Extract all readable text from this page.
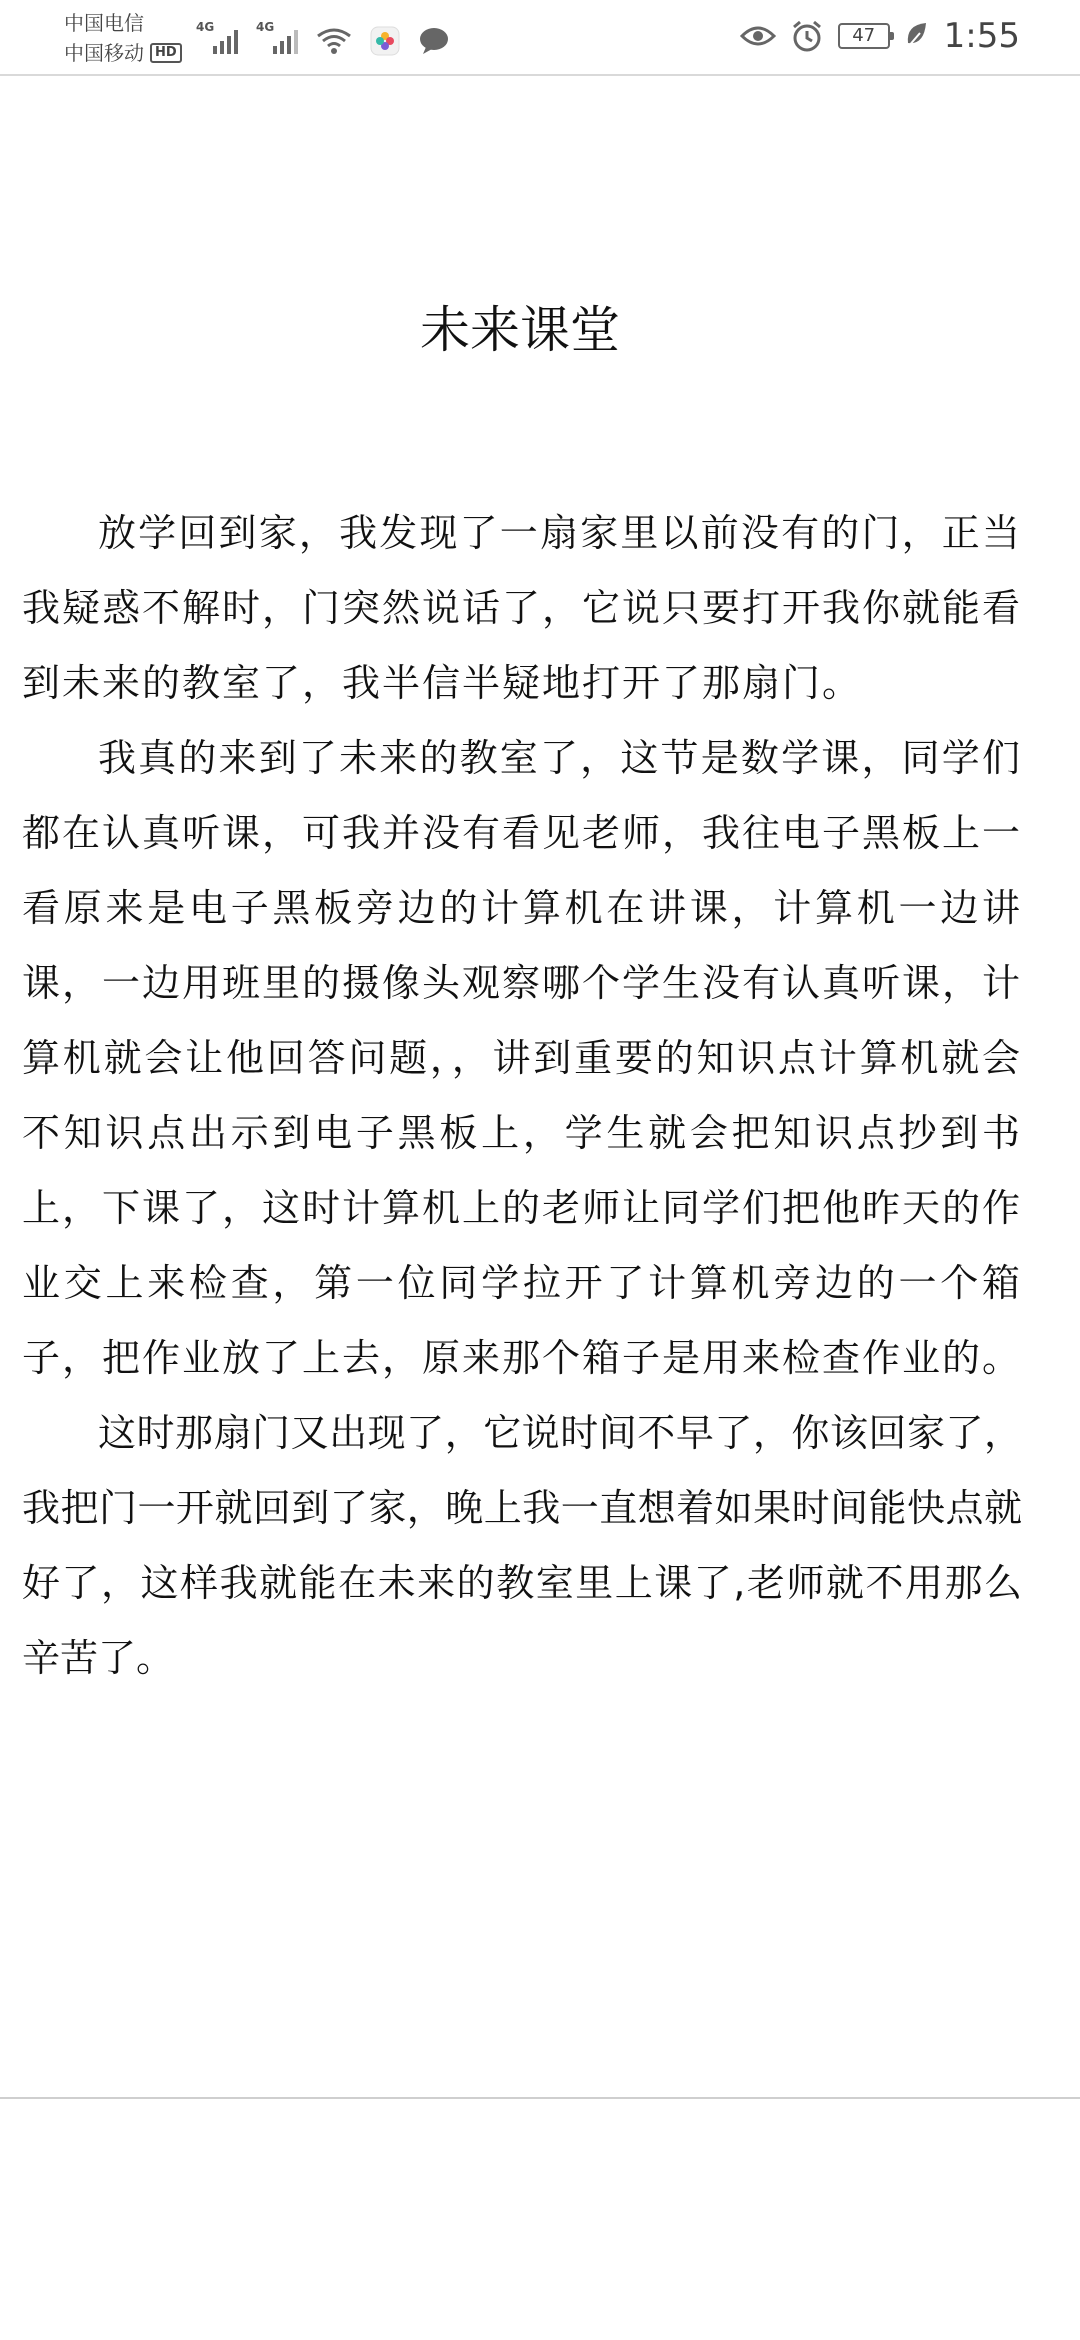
中国电信
中国移动 HD
4G	4G	47	1:55
未来课堂

放学回到家，我发现了一扇家里以前没有的门，正当我疑惑不解时，门突然说话了，它说只要打开我你就能看到未来的教室了，我半信半疑地打开了那扇门。

我真的来到了未来的教室了，这节是数学课，同学们都在认真听课，可我并没有看见老师，我往电子黑板上一看原来是电子黑板旁边的计算机在讲课，计算机一边讲课，一边用班里的摄像头观察哪个学生没有认真听课，计算机就会让他回答问题，，讲到重要的知识点计算机就会不知识点出示到电子黑板上，学生就会把知识点抄到书上，下课了，这时计算机上的老师让同学们把他昨天的作业交上来检查，第一位同学拉开了计算机旁边的一个箱子，把作业放了上去，原来那个箱子是用来检查作业的。

这时那扇门又出现了，它说时间不早了，你该回家了，我把门一开就回到了家，晚上我一直想着如果时间能快点就好了，这样我就能在未来的教室里上课了,老师就不用那么辛苦了。
